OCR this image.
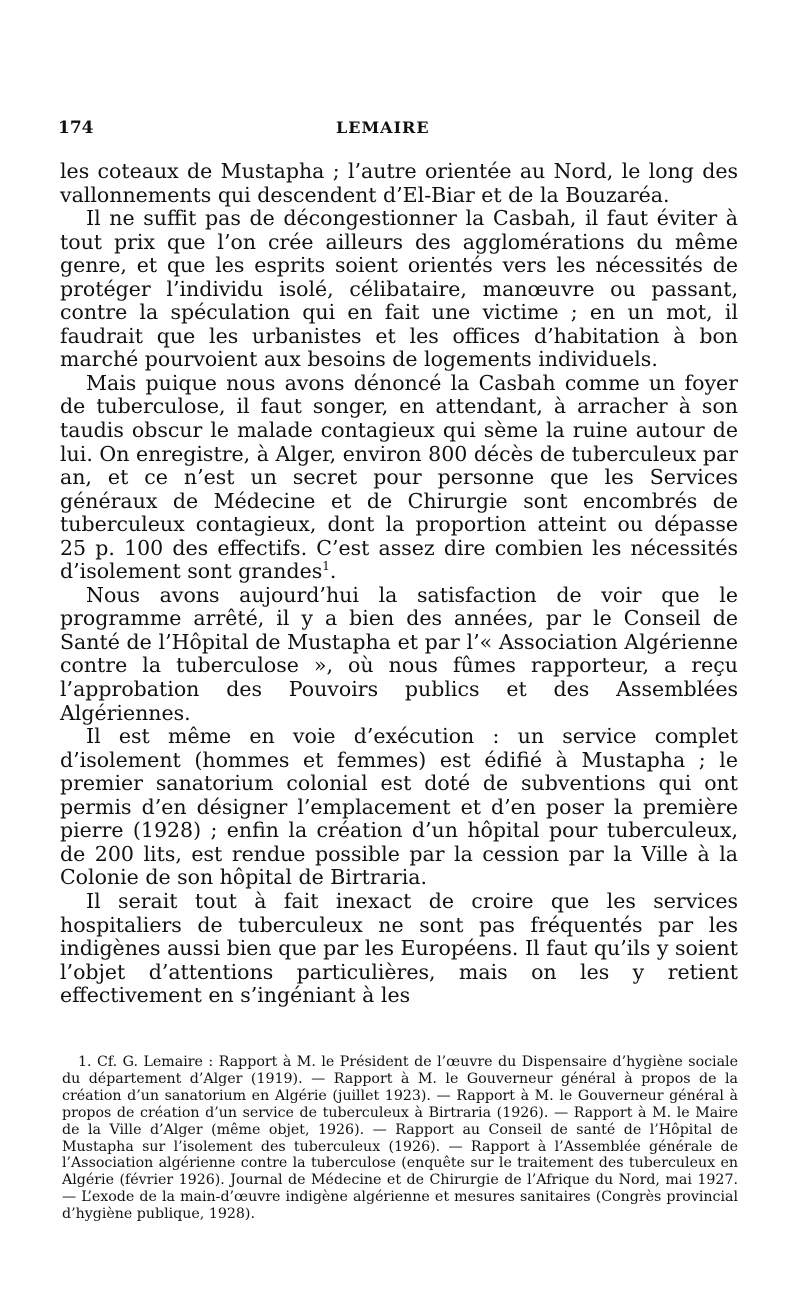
174	LEMAIRE

les coteaux de Mustapha ; l’autre orientée au Nord, le long des vallonnements qui descendent d’El-Biar et de la Bouzaréa.

Il ne suffit pas de décongestionner la Casbah, il faut éviter à tout prix que l’on crée ailleurs des agglomérations du même genre, et que les esprits soient orientés vers les nécessités de protéger l’individu isolé, célibataire, manœuvre ou passant, contre la spéculation qui en fait une victime ; en un mot, il faudrait que les urbanistes et les offices d’habitation à bon marché pourvoient aux besoins de logements individuels.

Mais puique nous avons dénoncé la Casbah comme un foyer de tuberculose, il faut songer, en attendant, à arracher à son taudis obscur le malade contagieux qui sème la ruine autour de lui. On enregistre, à Alger, environ 800 décès de tuberculeux par an, et ce n’est un secret pour personne que les Services généraux de Médecine et de Chirurgie sont encombrés de tuberculeux contagieux, dont la proportion atteint ou dépasse 25 p. 100 des effectifs. C’est assez dire combien les nécessités d’isolement sont grandes$^1$.

Nous avons aujourd’hui la satisfaction de voir que le programme arrêté, il y a bien des années, par le Conseil de Santé de l’Hôpital de Mustapha et par l’« Association Algérienne contre la tuberculose », où nous fûmes rapporteur, a reçu l’approbation des Pouvoirs publics et des Assemblées Algériennes.

Il est même en voie d’exécution : un service complet d’isolement (hommes et femmes) est édifié à Mustapha ; le premier sanatorium colonial est doté de subventions qui ont permis d’en désigner l’emplacement et d’en poser la première pierre (1928) ; enfin la création d’un hôpital pour tuberculeux, de 200 lits, est rendue possible par la cession par la Ville à la Colonie de son hôpital de Birtraria.

Il serait tout à fait inexact de croire que les services hospitaliers de tuberculeux ne sont pas fréquentés par les indigènes aussi bien que par les Européens. Il faut qu’ils y soient l’objet d’attentions particulières, mais on les y retient effectivement en s’ingéniant à les

1. Cf. G. Lemaire : Rapport à M. le Président de l’œuvre du Dispensaire d’hygiène sociale du département d’Alger (1919). — Rapport à M. le Gouverneur général à propos de la création d’un sanatorium en Algérie (juillet 1923). — Rapport à M. le Gouverneur général à propos de création d’un service de tuberculeux à Birtraria (1926). — Rapport à M. le Maire de la Ville d’Alger (même objet, 1926). — Rapport au Conseil de santé de l’Hôpital de Mustapha sur l’isolement des tuberculeux (1926). — Rapport à l’Assemblée générale de l’Association algérienne contre la tuberculose (enquête sur le traitement des tuberculeux en Algérie (février 1926). Journal de Médecine et de Chirurgie de l’Afrique du Nord, mai 1927. — L’exode de la main-d’œuvre indigène algérienne et mesures sanitaires (Congrès provincial d’hygiène publique, 1928).
